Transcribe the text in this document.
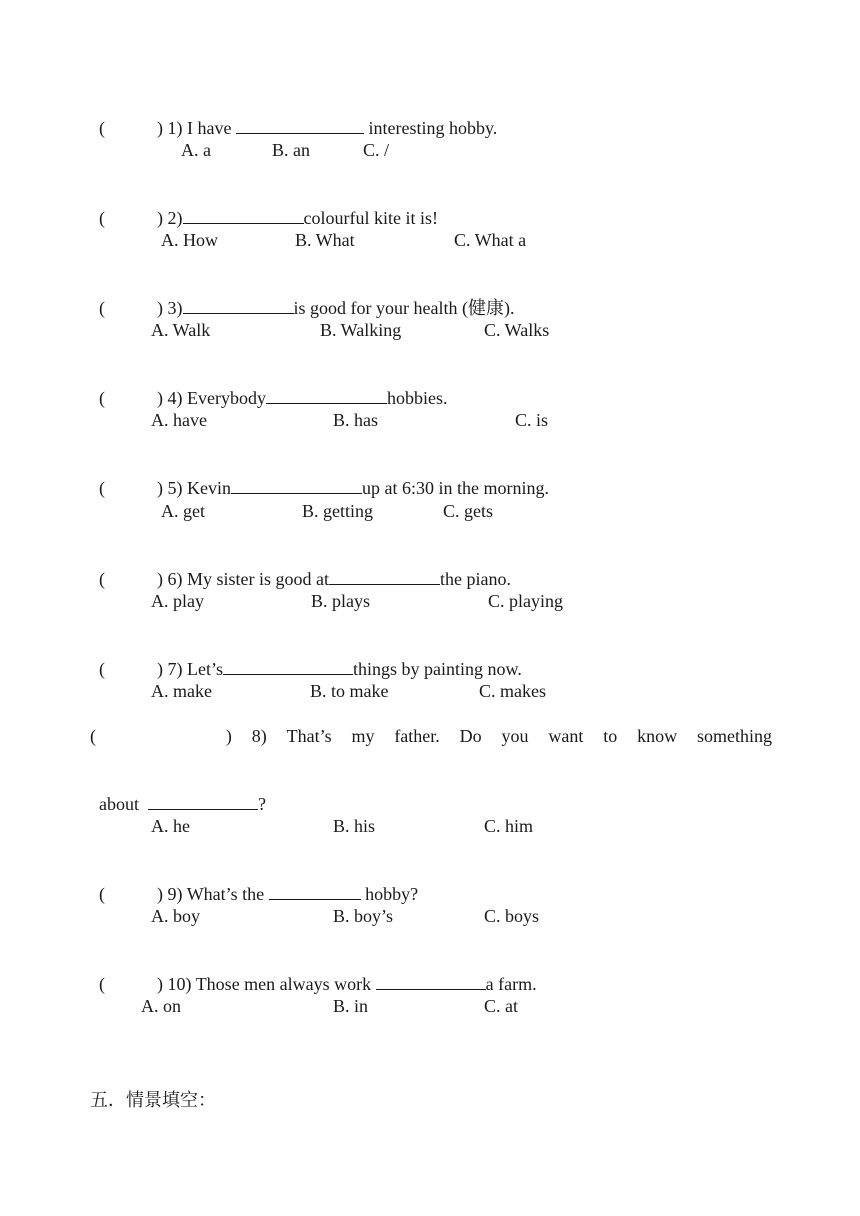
(	) 1) I have	interesting hobby.

A. a	B. an	C. /

(	) 2)	colourful kite it is!

A. How	B. What	C. What a

(	) 3)	is good for your health (健康).

A. Walk	B. Walking	C. Walks

(	) 4) Everybody	hobbies.

A. have	B. has	C. is

(	) 5) Kevin	up at 6:30 in the morning.

A. get	B. getting	C. gets

(	) 6) My sister is good at	the piano.

A. play	B. plays	C. playing

(	) 7) Let’s	things by painting now.

A. make	B. to make	C. makes
(	) 8) That’s my father. Do you want to know something

about	?

A. he	B. his	C. him

(	) 9) What’s the	hobby?

A. boy	B. boy’s	C. boys

(	) 10) Those men always work	a farm.

A. on	B. in	C. at
五．情景填空：
